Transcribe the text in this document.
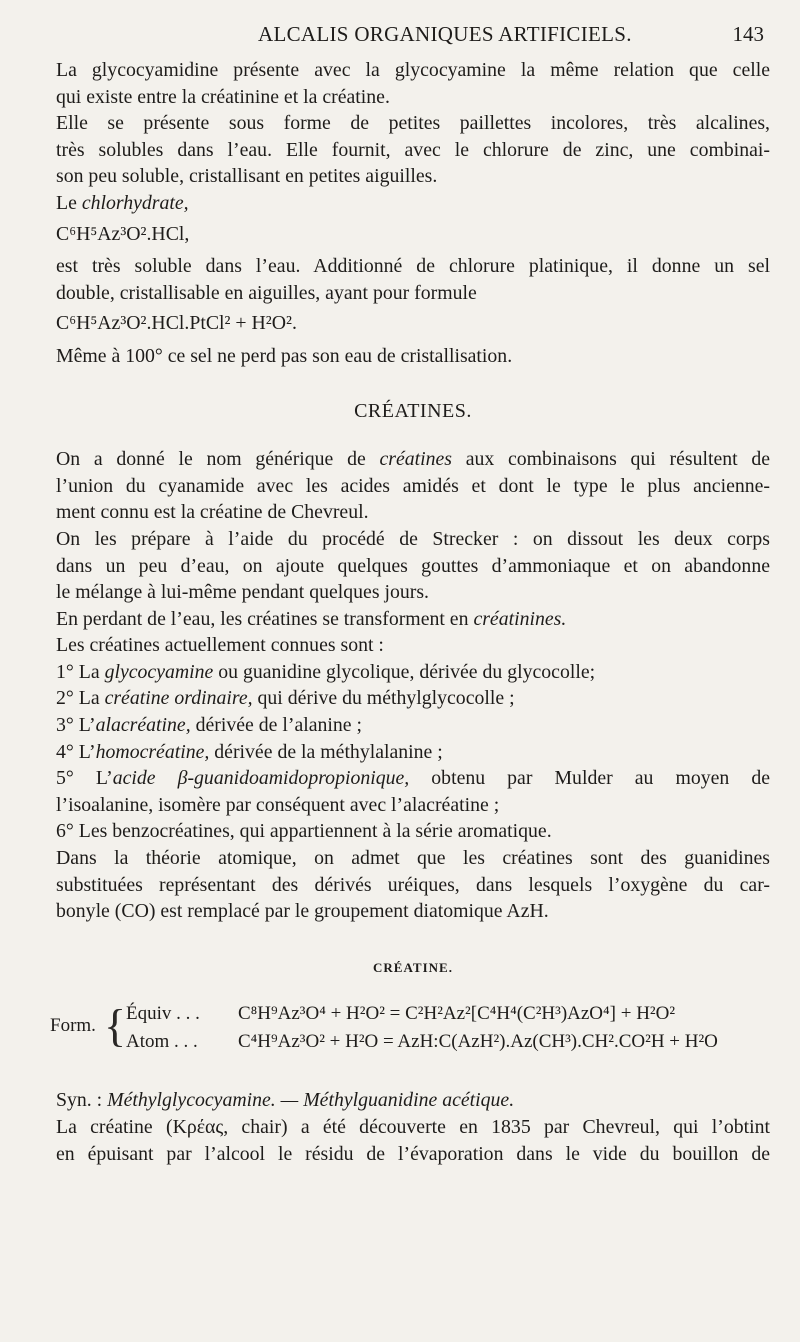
ALCALIS ORGANIQUES ARTIFICIELS.	143

La glycocyamidine présente avec la glycocyamine la même relation que celle
qui existe entre la créatinine et la créatine.

Elle se présente sous forme de petites paillettes incolores, très alcalines,
très solubles dans l’eau. Elle fournit, avec le chlorure de zinc, une combinai-
son peu soluble, cristallisant en petites aiguilles.

Le chlorhydrate,
C⁶H⁵Az³O².HCl,
est très soluble dans l’eau. Additionné de chlorure platinique, il donne un sel
double, cristallisable en aiguilles, ayant pour formule
C⁶H⁵Az³O².HCl.PtCl² + H²O².

Même à 100° ce sel ne perd pas son eau de cristallisation.

CRÉATINES.

On a donné le nom générique de créatines aux combinaisons qui résultent de
l’union du cyanamide avec les acides amidés et dont le type le plus ancienne-
ment connu est la créatine de Chevreul.

On les prépare à l’aide du procédé de Strecker : on dissout les deux corps
dans un peu d’eau, on ajoute quelques gouttes d’ammoniaque et on abandonne
le mélange à lui-même pendant quelques jours.

En perdant de l’eau, les créatines se transforment en créatinines.

Les créatines actuellement connues sont :

1° La glycocyamine ou guanidine glycolique, dérivée du glycocolle;
2° La créatine ordinaire, qui dérive du méthylglycocolle ;
3° L’alacréatine, dérivée de l’alanine ;
4° L’homocréatine, dérivée de la méthylalanine ;
5° L’acide β-guanidoamidopropionique, obtenu par Mulder au moyen de
l’isoalanine, isomère par conséquent avec l’alacréatine ;
6° Les benzocréatines, qui appartiennent à la série aromatique.

Dans la théorie atomique, on admet que les créatines sont des guanidines
substituées représentant des dérivés uréiques, dans lesquels l’oxygène du car-
bonyle (CO) est remplacé par le groupement diatomique AzH.

CRÉATINE.
Form. { Équiv . . . C⁸H⁹Az³O⁴ + H²O² = C²H²Az²[C⁴H⁴(C²H³)AzO⁴] + H²O²
Atom . . . C⁴H⁹Az³O² + H²O = AzH:C(AzH²).Az(CH³).CH².CO²H + H²O

Syn. : Méthylglycocyamine. — Méthylguanidine acétique.

La créatine (Κρέας, chair) a été découverte en 1835 par Chevreul, qui l’obtint
en épuisant par l’alcool le résidu de l’évaporation dans le vide du bouillon de
